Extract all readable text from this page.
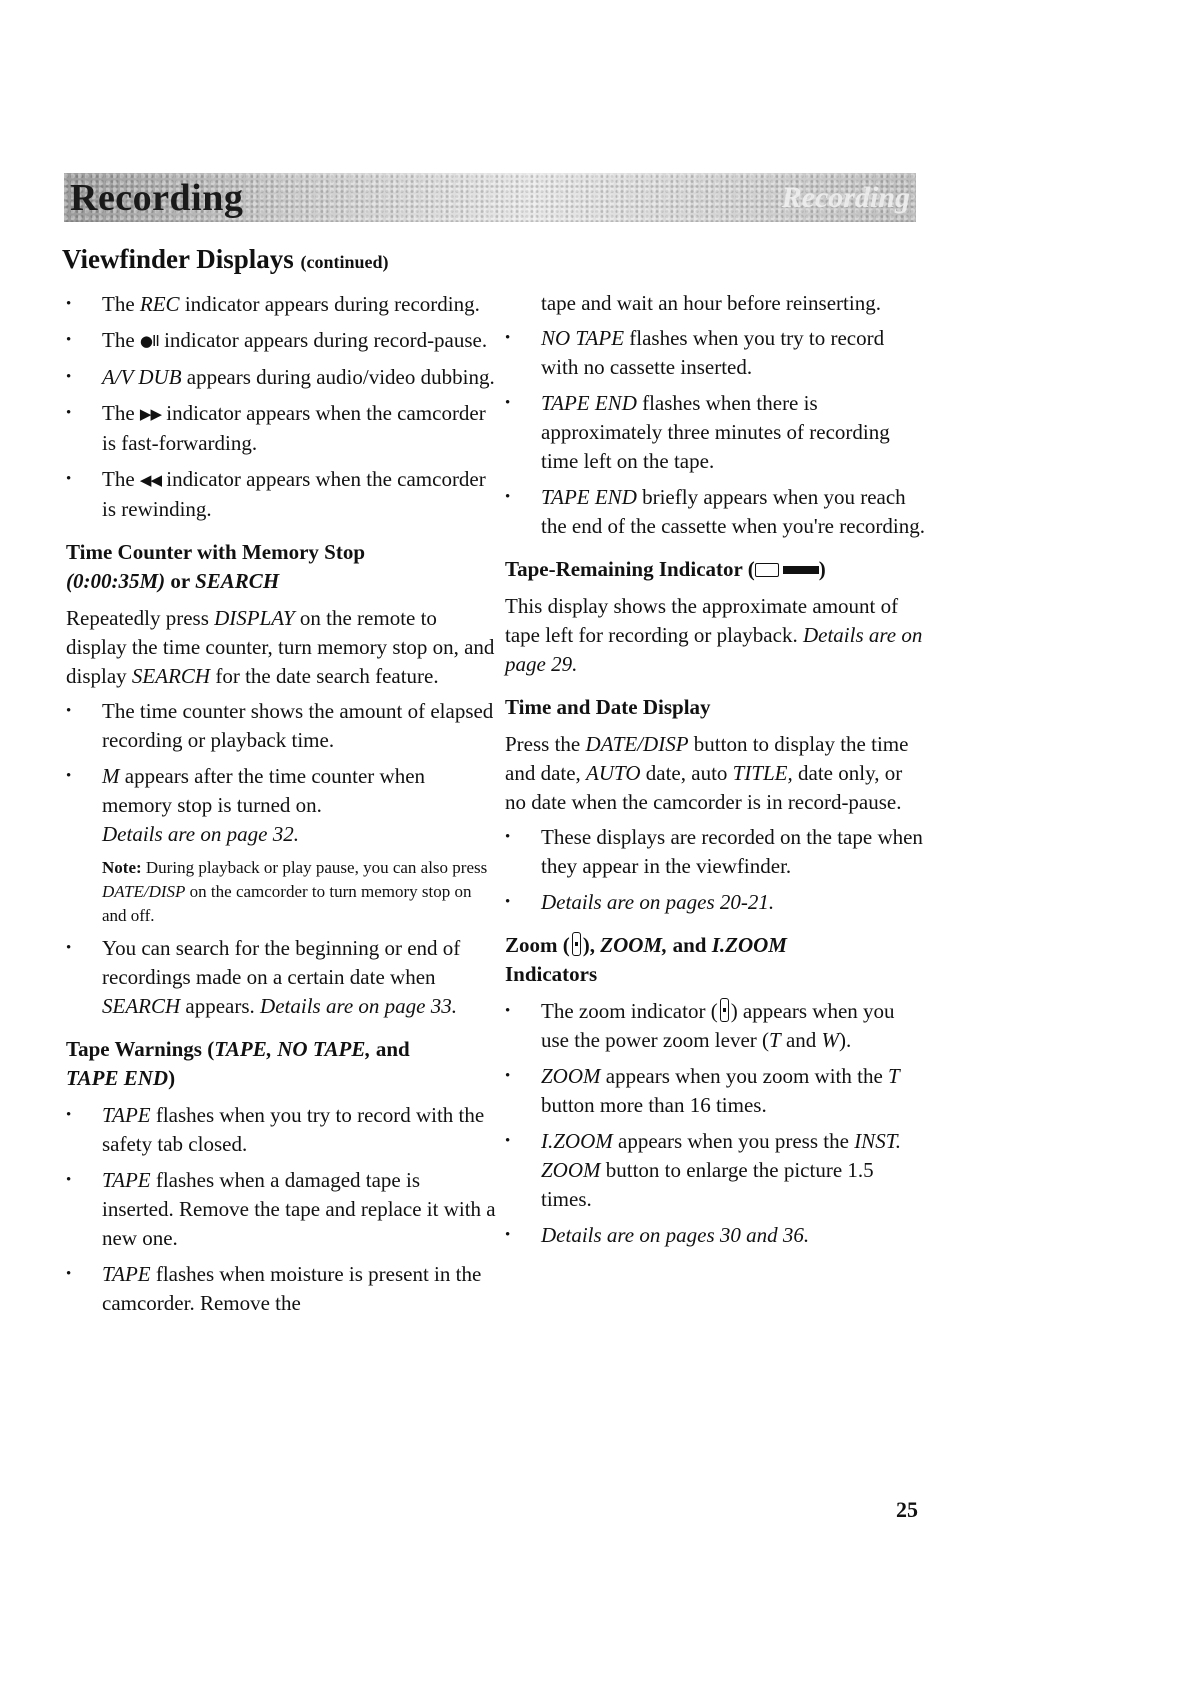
Recording	Recording
Viewfinder Displays (continued)
• The REC indicator appears during recording.
• The ●II indicator appears during record-pause.
• A/V DUB appears during audio/video dubbing.
• The ▶▶ indicator appears when the camcorder is fast-forwarding.
• The ◀◀ indicator appears when the camcorder is rewinding.
Time Counter with Memory Stop
(0:00:35M) or SEARCH

Repeatedly press DISPLAY on the remote to display the time counter, turn memory stop on, and display SEARCH for the date search feature.

• The time counter shows the amount of elapsed recording or playback time.
• M appears after the time counter when memory stop is turned on.
Details are on page 32.

Note: During playback or play pause, you can also press DATE/DISP on the camcorder to turn memory stop on and off.

• You can search for the beginning or end of recordings made on a certain date when SEARCH appears. Details are on page 33.
Tape Warnings (TAPE, NO TAPE, and
TAPE END)
• TAPE flashes when you try to record with the safety tab closed.
• TAPE flashes when a damaged tape is inserted. Remove the tape and replace it with a new one.
• TAPE flashes when moisture is present in the camcorder. Remove the

tape and wait an hour before reinserting.

• NO TAPE flashes when you try to record with no cassette inserted.
• TAPE END flashes when there is approximately three minutes of recording time left on the tape.
• TAPE END briefly appears when you reach the end of the cassette when you're recording.
Tape-Remaining Indicator (	)

This display shows the approximate amount of tape left for recording or playback. Details are on page 29.

Time and Date Display

Press the DATE/DISP button to display the time and date, AUTO date, auto TITLE, date only, or no date when the camcorder is in record-pause.

• These displays are recorded on the tape when they appear in the viewfinder.
• Details are on pages 20-21.
Zoom ( ), ZOOM, and I.ZOOM
Indicators
• The zoom indicator ( ) appears when you use the power zoom lever (T and W).
• ZOOM appears when you zoom with the T button more than 16 times.
• I.ZOOM appears when you press the INST. ZOOM button to enlarge the picture 1.5 times.
• Details are on pages 30 and 36.
25
